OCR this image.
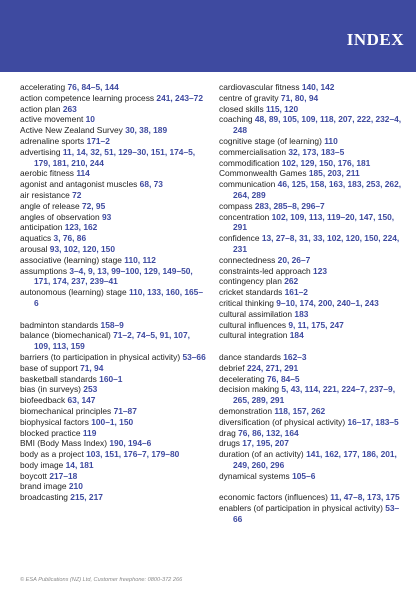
INDEX
accelerating 76, 84–5, 144
action competence learning process 241, 243–72
action plan 263
active movement 10
Active New Zealand Survey 30, 38, 189
adrenaline sports 171–2
advertising 11, 14, 32, 51, 129–30, 151, 174–5, 179, 181, 210, 244
aerobic fitness 114
agonist and antagonist muscles 68, 73
air resistance 72
angle of release 72, 95
angles of observation 93
anticipation 123, 162
aquatics 3, 76, 86
arousal 93, 102, 120, 150
associative (learning) stage 110, 112
assumptions 3–4, 9, 13, 99–100, 129, 149–50, 171, 174, 237, 239–41
autonomous (learning) stage 110, 133, 160, 165–6
badminton standards 158–9
balance (biomechanical) 71–2, 74–5, 91, 107, 109, 113, 159
barriers (to participation in physical activity) 53–66
base of support 71, 94
basketball standards 160–1
bias (in surveys) 253
biofeedback 63, 147
biomechanical principles 71–87
biophysical factors 100–1, 150
blocked practice 119
BMI (Body Mass Index) 190, 194–6
body as a project 103, 151, 176–7, 179–80
body image 14, 181
boycott 217–18
brand image 210
broadcasting 215, 217
cardiovascular fitness 140, 142
centre of gravity 71, 80, 94
closed skills 115, 120
coaching 48, 89, 105, 109, 118, 207, 222, 232–4, 248
cognitive stage (of learning) 110
commercialisation 32, 173, 183–5
commodification 102, 129, 150, 176, 181
Commonwealth Games 185, 203, 211
communication 46, 125, 158, 163, 183, 253, 262, 264, 289
compass 283, 285–8, 296–7
concentration 102, 109, 113, 119–20, 147, 150, 291
confidence 13, 27–8, 31, 33, 102, 120, 150, 224, 231
connectedness 20, 26–7
constraints-led approach 123
contingency plan 262
cricket standards 161–2
critical thinking 9–10, 174, 200, 240–1, 243
cultural assimilation 183
cultural influences 9, 11, 175, 247
cultural integration 184
dance standards 162–3
debrief 224, 271, 291
decelerating 76, 84–5
decision making 5, 43, 114, 221, 224–7, 237–9, 265, 289, 291
demonstration 118, 157, 262
diversification (of physical activity) 16–17, 183–5
drag 76, 86, 132, 164
drugs 17, 195, 207
duration (of an activity) 141, 162, 177, 186, 201, 249, 260, 296
dynamical systems 105–6
economic factors (influences) 11, 47–8, 173, 175
enablers (of participation in physical activity) 53–66
© ESA Publications (NZ) Ltd, Customer freephone: 0800-372 266
